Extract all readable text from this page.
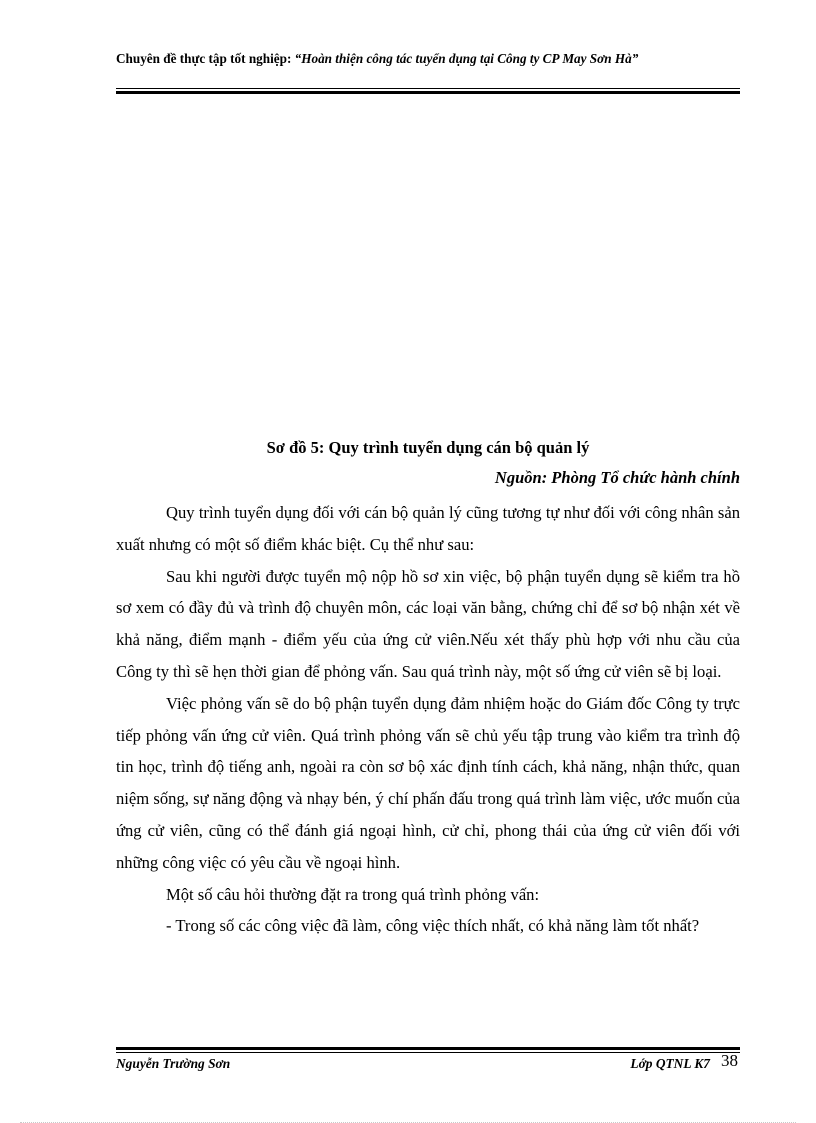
Chuyên đề thực tập tốt nghiệp: “Hoàn thiện công tác tuyển dụng tại Công ty CP May Sơn Hà”
Sơ đồ 5: Quy trình tuyển dụng cán bộ quản lý
Nguồn: Phòng Tổ chức hành chính

Quy trình tuyển dụng đối với cán bộ quản lý cũng tương tự như đối với công nhân sản xuất nhưng có một số điểm khác biệt. Cụ thể như sau:

Sau khi người được tuyển mộ nộp hồ sơ xin việc, bộ phận tuyển dụng sẽ kiểm tra hồ sơ xem có đầy đủ và trình độ chuyên môn, các loại văn bằng, chứng chỉ để sơ bộ nhận xét về khả năng, điểm mạnh - điểm yếu của ứng cử viên.Nếu xét thấy phù hợp với nhu cầu của Công ty thì sẽ hẹn thời gian để phỏng vấn. Sau quá trình này, một số ứng cử viên sẽ bị loại.

Việc phỏng vấn sẽ do bộ phận tuyển dụng đảm nhiệm hoặc do Giám đốc Công ty trực tiếp phỏng vấn ứng cử viên. Quá trình phỏng vấn sẽ chủ yếu tập trung vào kiểm tra trình độ tin học, trình độ tiếng anh, ngoài ra còn sơ bộ xác định tính cách, khả năng, nhận thức, quan niệm sống, sự năng động và nhạy bén, ý chí phấn đấu trong quá trình làm việc, ước muốn của ứng cử viên, cũng có thể đánh giá ngoại hình, cử chỉ, phong thái của ứng cử viên đối với những công việc có yêu cầu về ngoại hình.

Một số câu hỏi thường đặt ra trong quá trình phỏng vấn:

- Trong số các công việc đã làm, công việc thích nhất, có khả năng làm tốt nhất?

Nguyễn Trường Sơn	Lớp QTNL K7 38
